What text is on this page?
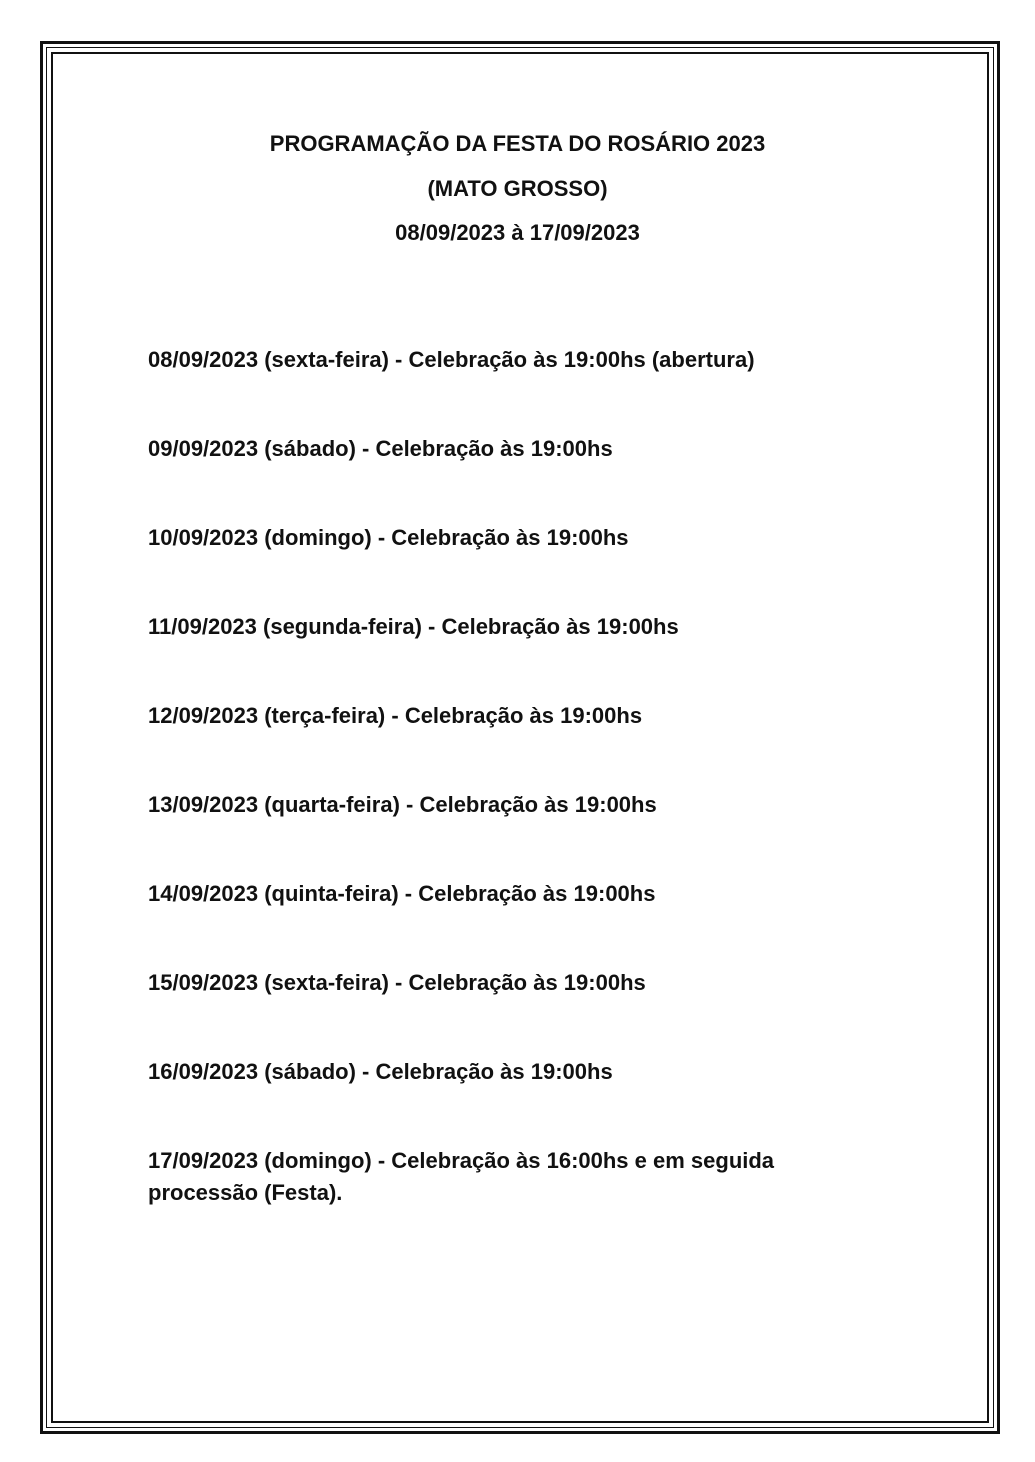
PROGRAMAÇÃO DA FESTA DO ROSÁRIO 2023
(MATO GROSSO)
08/09/2023 à 17/09/2023
08/09/2023 (sexta-feira) - Celebração às 19:00hs (abertura)
09/09/2023 (sábado) - Celebração às 19:00hs
10/09/2023 (domingo) - Celebração às 19:00hs
11/09/2023 (segunda-feira) - Celebração às 19:00hs
12/09/2023 (terça-feira) - Celebração às 19:00hs
13/09/2023 (quarta-feira) - Celebração às 19:00hs
14/09/2023 (quinta-feira) - Celebração às 19:00hs
15/09/2023 (sexta-feira) - Celebração às 19:00hs
16/09/2023 (sábado) - Celebração às 19:00hs
17/09/2023 (domingo) - Celebração às 16:00hs e em seguida processão (Festa).
